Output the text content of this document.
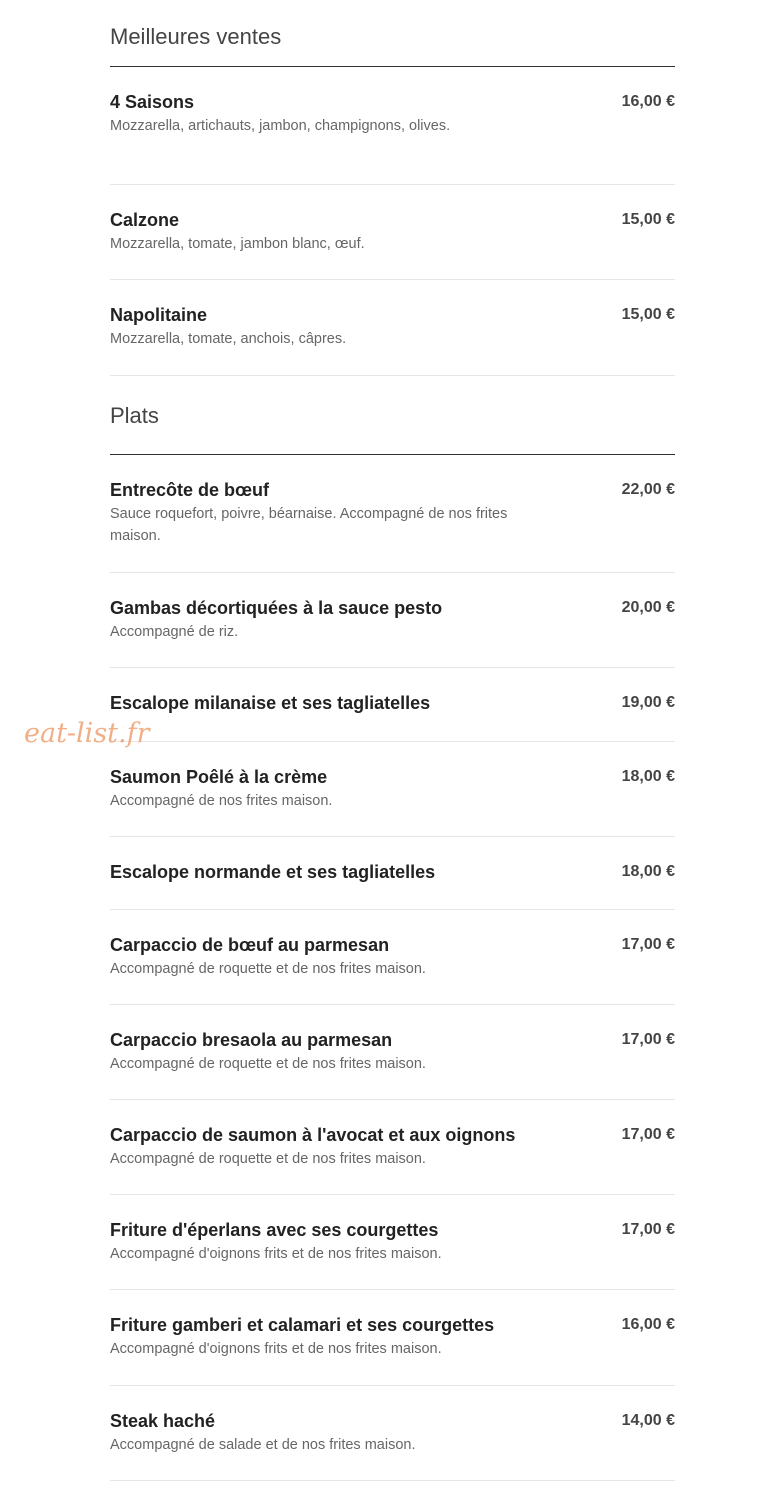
Meilleures ventes
4 Saisons
Mozzarella, artichauts, jambon, champignons, olives.
16,00 €
Calzone
Mozzarella, tomate, jambon blanc, œuf.
15,00 €
Napolitaine
Mozzarella, tomate, anchois, câpres.
15,00 €
Plats
Entrecôte de bœuf
Sauce roquefort, poivre, béarnaise. Accompagné de nos frites maison.
22,00 €
Gambas décortiquées à la sauce pesto
Accompagné de riz.
20,00 €
Escalope milanaise et ses tagliatelles	19,00 €
Saumon Poêlé à la crème
Accompagné de nos frites maison.
18,00 €
Escalope normande et ses tagliatelles	18,00 €
Carpaccio de bœuf au parmesan
Accompagné de roquette et de nos frites maison.
17,00 €
Carpaccio bresaola au parmesan
Accompagné de roquette et de nos frites maison.
17,00 €
Carpaccio de saumon à l'avocat et aux oignons
Accompagné de roquette et de nos frites maison.
17,00 €
Friture d'éperlans avec ses courgettes
Accompagné d'oignons frits et de nos frites maison.
17,00 €
Friture gamberi et calamari et ses courgettes
Accompagné d'oignons frits et de nos frites maison.
16,00 €
Steak haché
Accompagné de salade et de nos frites maison.
14,00 €
eat-list.fr
